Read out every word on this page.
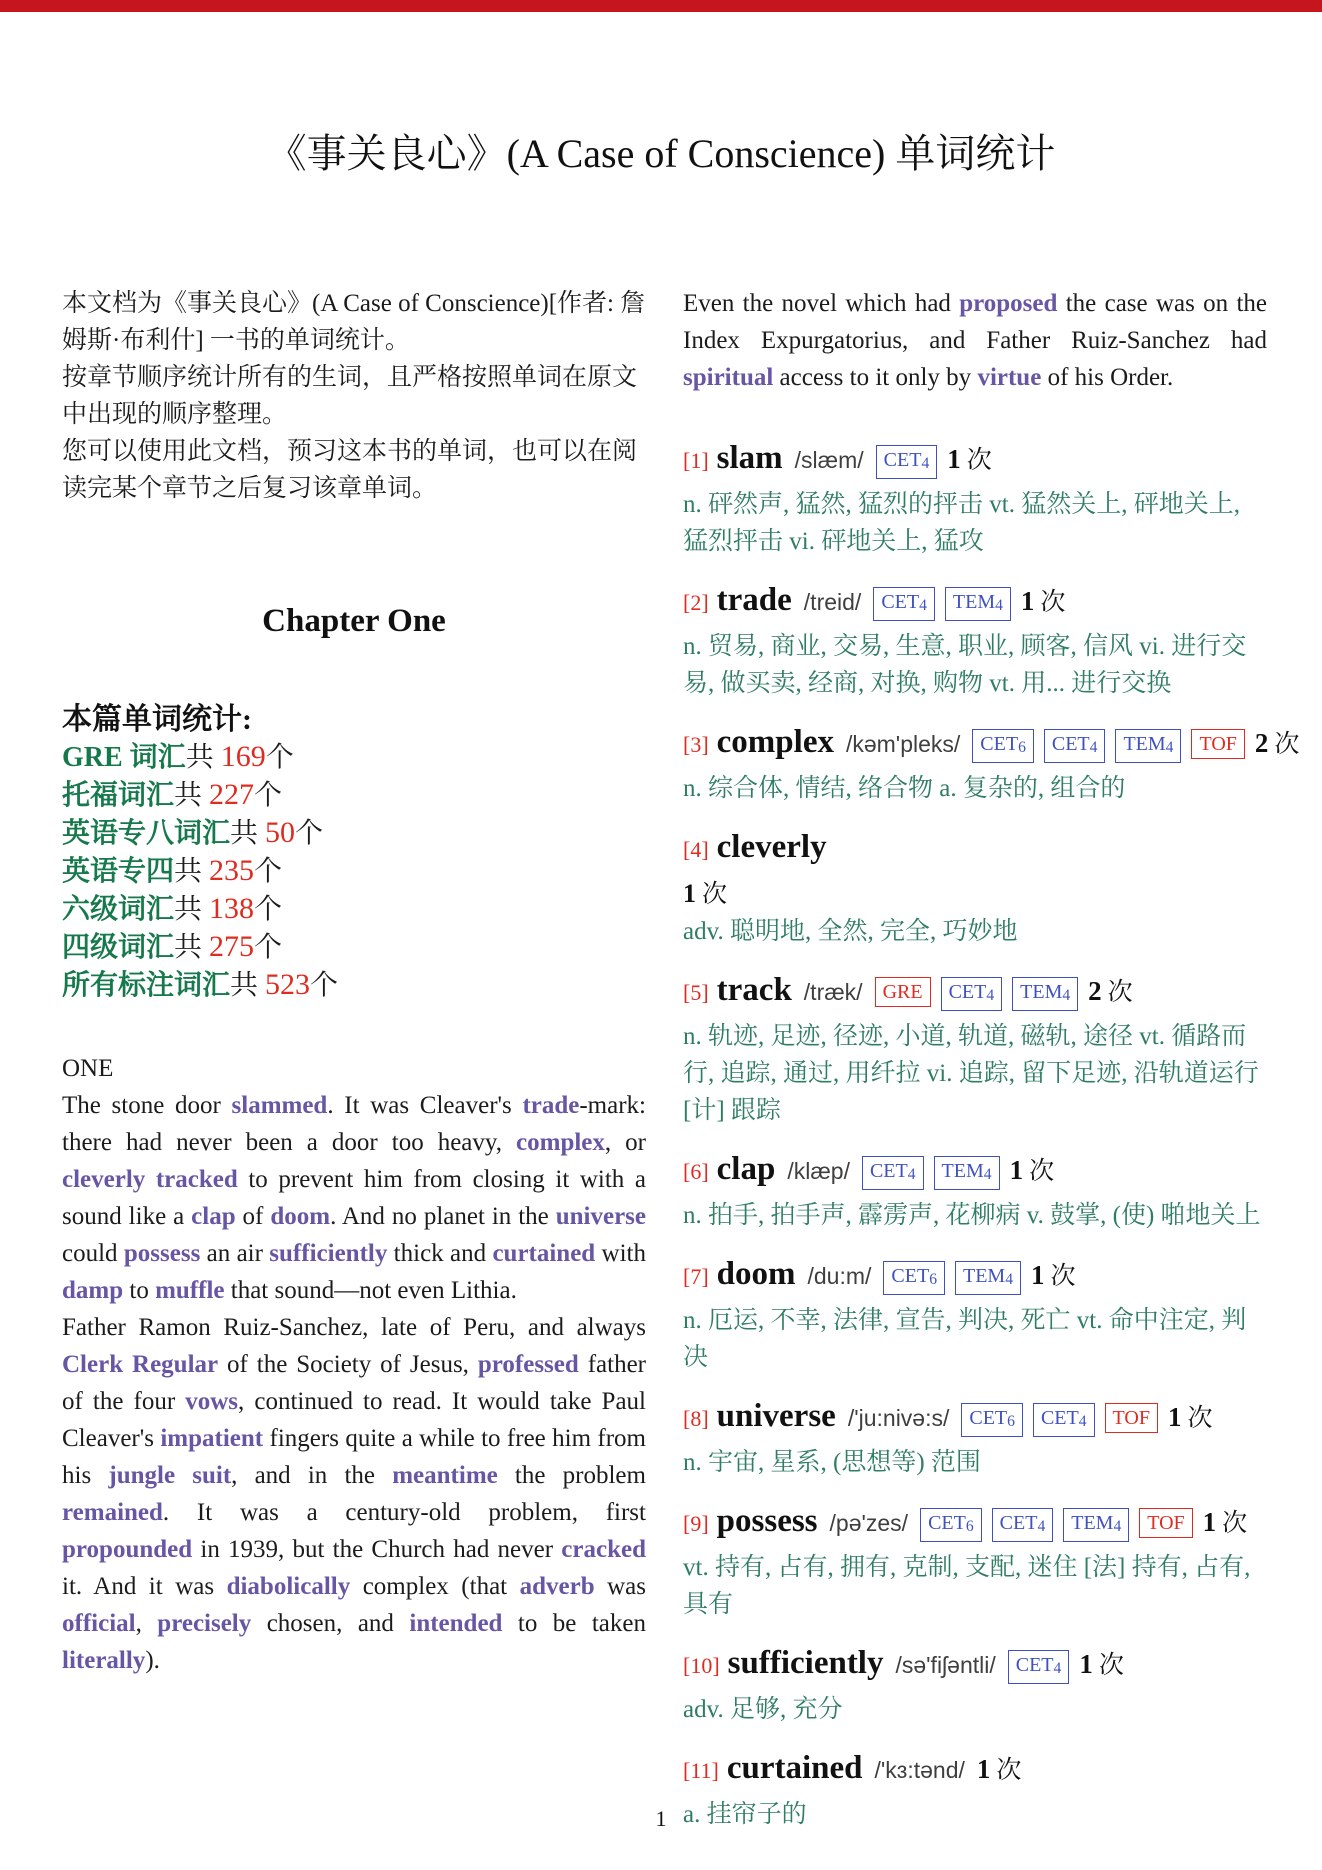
《事关良心》(A Case of Conscience) 单词统计

本文档为《事关良心》(A Case of Conscience)[作者: 詹姆斯·布利什] 一书的单词统计。

按章节顺序统计所有的生词，且严格按照单词在原文中出现的顺序整理。

您可以使用此文档，预习这本书的单词，也可以在阅读完某个章节之后复习该章单词。

Chapter One
本篇单词统计:
GRE 词汇共 169个
托福词汇共 227个
英语专八词汇共 50个
英语专四共 235个
六级词汇共 138个
四级词汇共 275个
所有标注词汇共 523个

ONE

The stone door slammed. It was Cleaver's trade-mark: there had never been a door too heavy, complex, or cleverly tracked to prevent him from closing it with a sound like a clap of doom. And no planet in the universe could possess an air sufficiently thick and curtained with damp to muffle that sound—not even Lithia.

Father Ramon Ruiz-Sanchez, late of Peru, and always Clerk Regular of the Society of Jesus, professed father of the four vows, continued to read. It would take Paul Cleaver's impatient fingers quite a while to free him from his jungle suit, and in the meantime the problem remained. It was a century-old problem, first propounded in 1939, but the Church had never cracked it. And it was diabolically complex (that adverb was official, precisely chosen, and intended to be taken literally).

Even the novel which had proposed the case was on the Index Expurgatorius, and Father Ruiz-Sanchez had spiritual access to it only by virtue of his Order.

[1] slam /slæm/ CET4 1 次
n. 砰然声, 猛然, 猛烈的抨击 vt. 猛然关上, 砰地关上, 猛烈抨击 vi. 砰地关上, 猛攻
[2] trade /treid/ CET4 TEM4 1 次
n. 贸易, 商业, 交易, 生意, 职业, 顾客, 信风 vi. 进行交易, 做买卖, 经商, 对换, 购物 vt. 用... 进行交换
[3] complex /kəm'pleks/ CET6 CET4 TEM4 TOF 2 次
n. 综合体, 情结, 络合物 a. 复杂的, 组合的
[4] cleverly
1 次
adv. 聪明地, 全然, 完全, 巧妙地
[5] track /træk/ GRE CET4 TEM4 2 次
n. 轨迹, 足迹, 径迹, 小道, 轨道, 磁轨, 途径 vt. 循路而行, 追踪, 通过, 用纤拉 vi. 追踪, 留下足迹, 沿轨道运行 [计] 跟踪
[6] clap /klæp/ CET4 TEM4 1 次
n. 拍手, 拍手声, 霹雳声, 花柳病 v. 鼓掌, (使) 啪地关上
[7] doom /du:m/ CET6 TEM4 1 次
n. 厄运, 不幸, 法律, 宣告, 判决, 死亡 vt. 命中注定, 判决
[8] universe /'ju:nivə:s/ CET6 CET4 TOF 1 次
n. 宇宙, 星系, (思想等) 范围
[9] possess /pə'zes/ CET6 CET4 TEM4 TOF 1 次
vt. 持有, 占有, 拥有, 克制, 支配, 迷住 [法] 持有, 占有, 具有
[10] sufficiently /sə'fiʃəntli/ CET4 1 次
adv. 足够, 充分
[11] curtained /'kɜ:tənd/ 1 次
a. 挂帘子的
1
